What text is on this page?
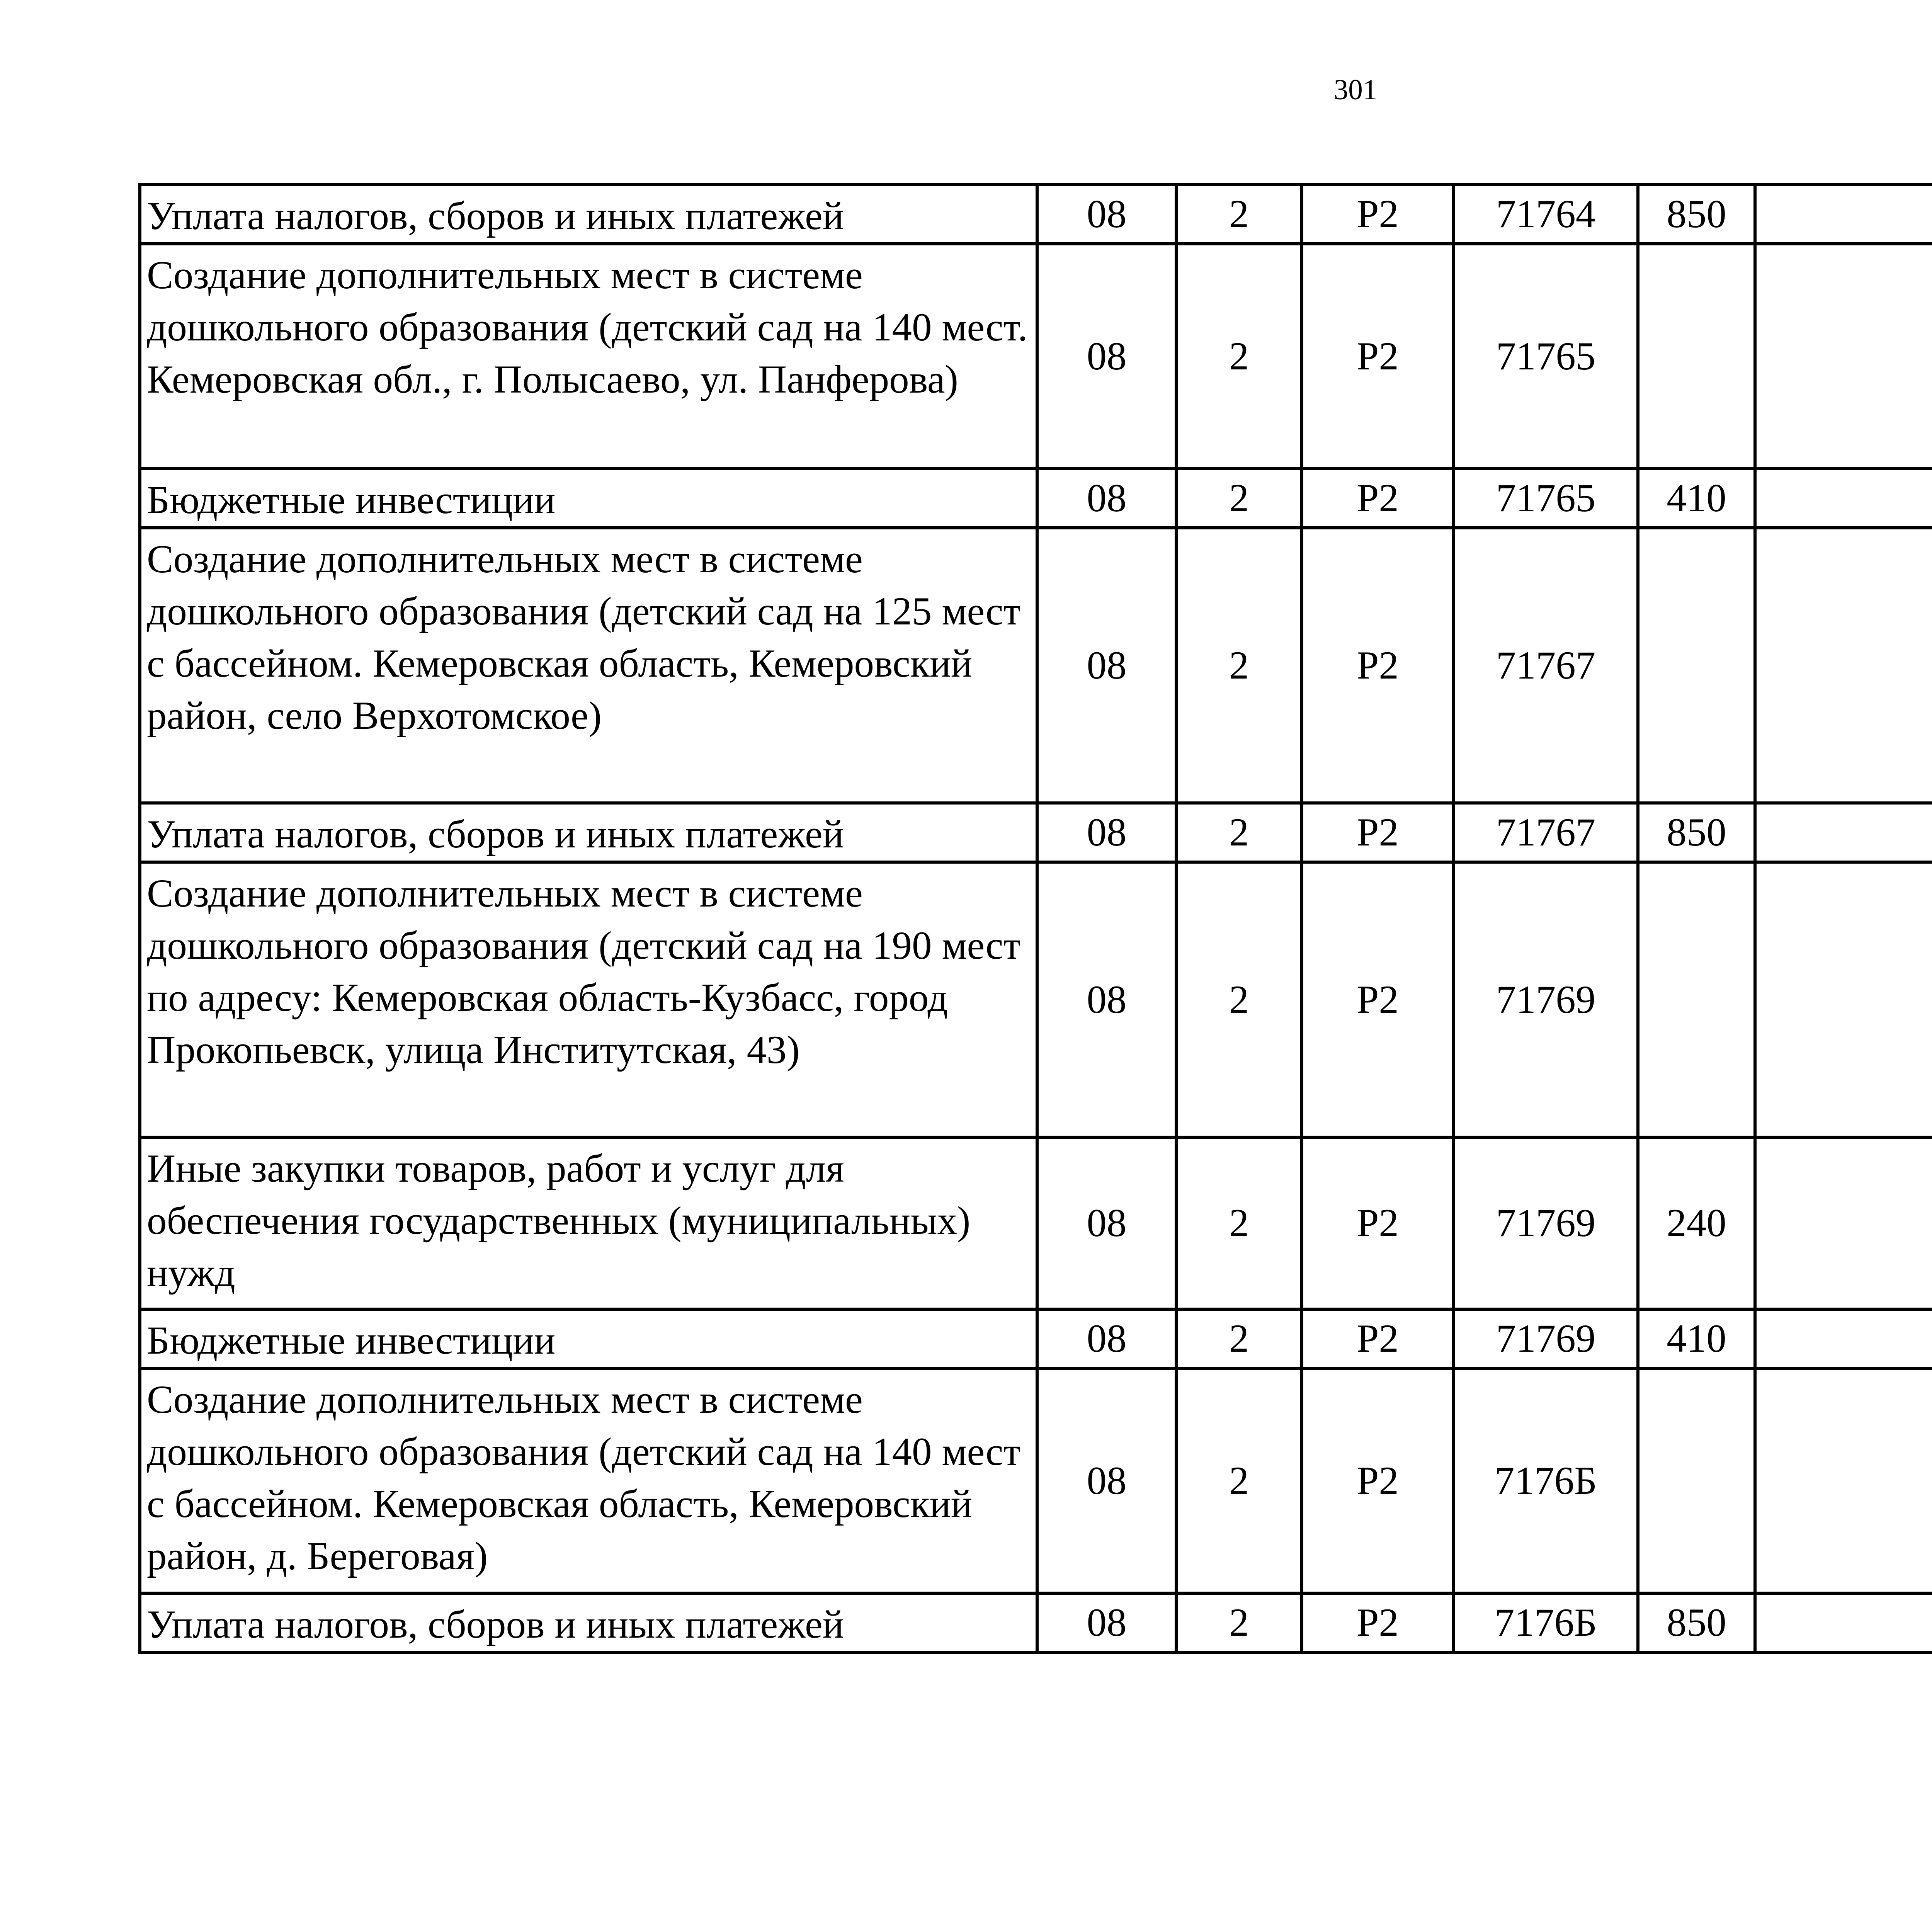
301
Уплата налогов, сборов и иных платежей	08	2	Р2	71764	850			
Создание дополнительных мест в системе дошкольного образования (детский сад на 140 мест. Кемеровская обл., г. Полысаево, ул. Панферова)	08	2	Р2	71765				
Бюджетные инвестиции	08	2	Р2	71765	410			
Создание дополнительных мест в системе дошкольного образования (детский сад на 125 мест с бассейном. Кемеровская область, Кемеровский район, село Верхотомское)	08	2	Р2	71767				
Уплата налогов, сборов и иных платежей	08	2	Р2	71767	850			
Создание дополнительных мест в системе дошкольного образования (детский сад на 190 мест по адресу: Кемеровская область-Кузбасс, город Прокопьевск, улица Институтская, 43)	08	2	Р2	71769				
Иные закупки товаров, работ и услуг для обеспечения государственных (муниципальных) нужд	08	2	Р2	71769	240			
Бюджетные инвестиции	08	2	Р2	71769	410			
Создание дополнительных мест в системе дошкольного образования (детский сад на 140 мест с бассейном. Кемеровская область, Кемеровский район, д. Береговая)	08	2	Р2	7176Б				
Уплата налогов, сборов и иных платежей	08	2	Р2	7176Б	850			
